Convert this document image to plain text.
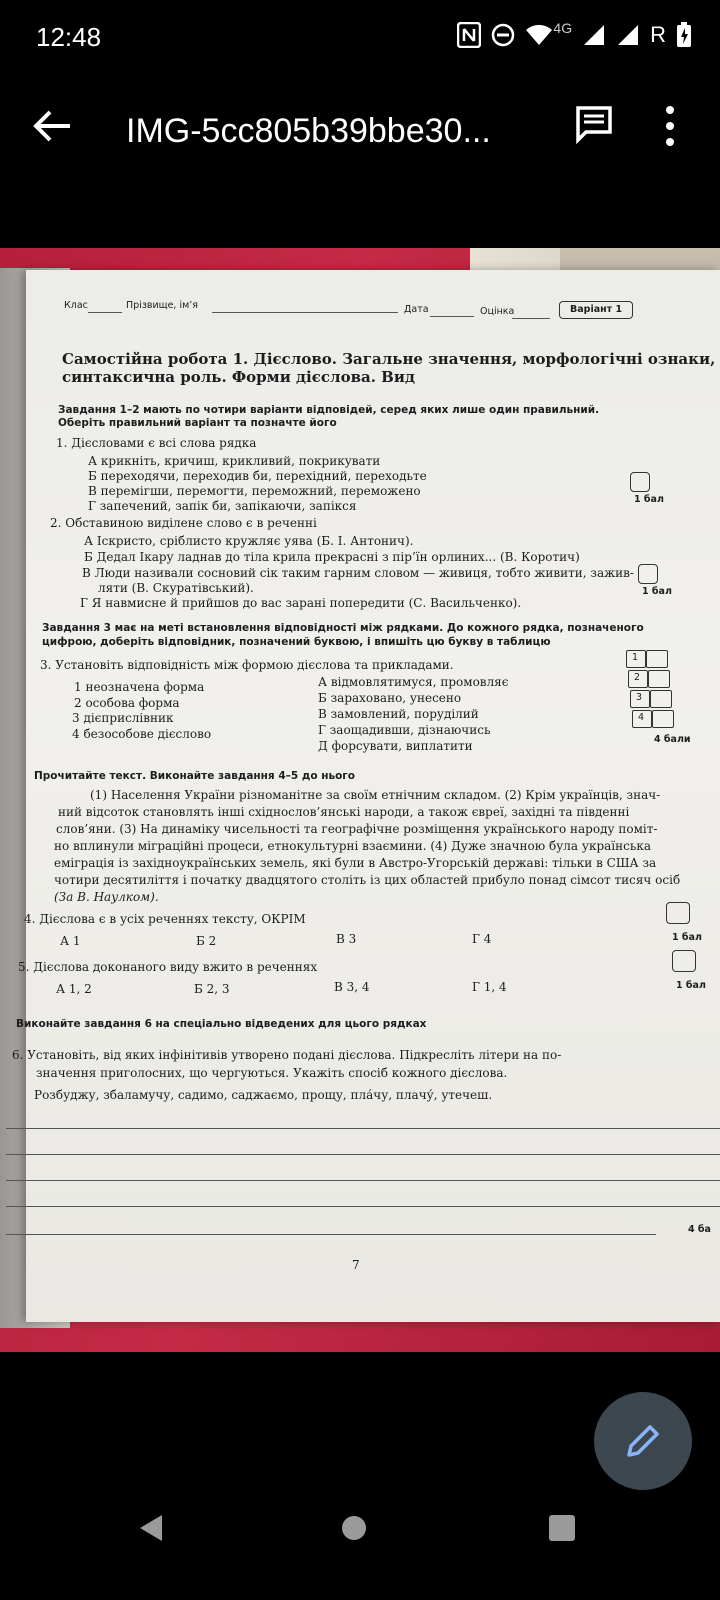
12:48	4G	R
IMG-5cc805b39bbe30...
Клас	Прізвище, ім’я	Дата	Оцінка	Варіант 1
Самостійна робота 1. Дієслово. Загальне значення, морфологічні ознаки,
синтаксична роль. Форми дієслова. Вид
Завдання 1–2 мають по чотири варіанти відповідей, серед яких лише один правильний.
Оберіть правильний варіант та позначте його
1. Дієсловами є всі слова рядка
А крикніть, кричиш, крикливий, покрикувати
Б переходячи, переходив би, перехідний, переходьте
В перемігши, перемогти, переможний, переможено
Г запечений, запік би, запікаючи, запікся	1 бал
2. Обставиною виділене слово є в реченні
А Іскристо, сріблисто кружляє уява (Б. І. Антонич).
Б Дедал Ікару ладнав до тіла крила прекрасні з пір’їн орлиних... (В. Коротич)
В Люди називали сосновий сік таким гарним словом — живиця, тобто живити, зажив-
ляти (В. Скуратівський).
Г Я навмисне й прийшов до вас зарані попередити (С. Васильченко).
1 бал
Завдання 3 має на меті встановлення відповідності між рядками. До кожного рядка, позначеного
цифрою, доберіть відповідник, позначений буквою, і впишіть цю букву в таблицю
3. Установіть відповідність між формою дієслова та прикладами.
1 неозначена форма
2 особова форма
3 дієприслівник
4 безособове дієслово
А відмовлятимуся, промовляє
Б зараховано, унесено
В замовлений, порудiлий
Г заощадивши, дізнаючись
Д форсувати, виплатити
1
2
3
4
4 бали
Прочитайте текст. Виконайте завдання 4–5 до нього
(1) Населення України різноманітне за своїм етнічним складом. (2) Крім українців, знач-
ний відсоток становлять інші східнослов’янські народи, а також євреї, західні та південні
слов’яни. (3) На динаміку чисельності та географічне розміщення українського народу поміт-
но вплинули міграційні процеси, етнокультурні взаємини. (4) Дуже значною була українська
еміграція із західноукраїнських земель, які були в Австро-Угорській державі: тільки в США за
чотири десятиліття і початку двадцятого століть із цих областей прибуло понад сімсот тисяч осіб
(За В. Наулком).
4. Дієслова є в усіх реченнях тексту, ОКРІМ
А 1	Б 2	В 3	Г 4	1 бал
5. Дієслова доконаного виду вжито в реченнях
А 1, 2	Б 2, 3	В 3, 4	Г 1, 4	1 бал
Виконайте завдання 6 на спеціально відведених для цього рядках
6. Установіть, від яких інфінітивів утворено подані дієслова. Підкресліть літери на по-
значення приголосних, що чергуються. Укажіть спосіб кожного дієслова.
Розбуджу, збаламучу, садимо, саджаємо, прощу, пла́чу, плачу́, утечеш.
4 ба
7
